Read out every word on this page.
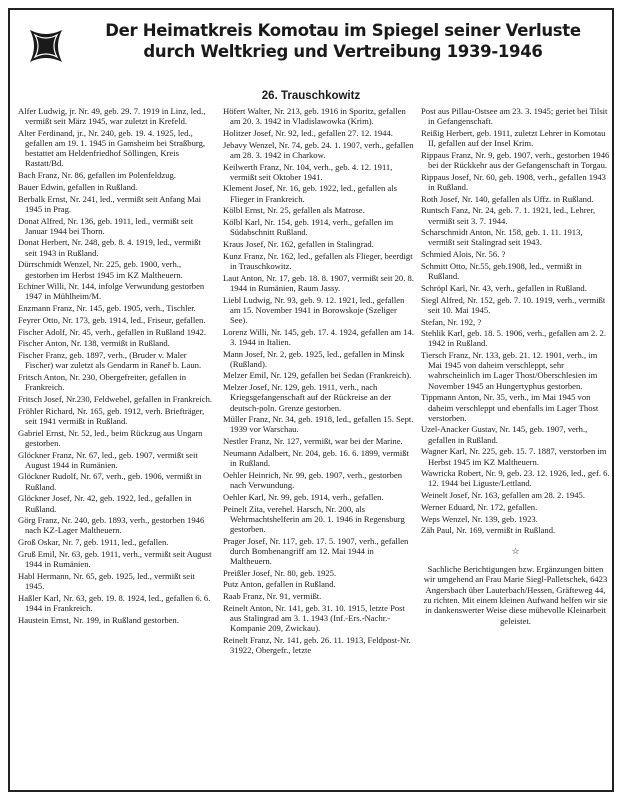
Der Heimatkreis Komotau im Spiegel seiner Verluste
durch Weltkrieg und Vertreibung 1939-1946
26. Trauschkowitz
Alfer Ludwig, jr. Nr. 49, geb. 29. 7. 1919 in Linz, led., vermißt seit März 1945, war zuletzt in Krefeld.
Alter Ferdinand, jr., Nr. 240, geb. 19. 4. 1925, led., gefallen am 19. 1. 1945 in Gamsheim bei Straßburg, bestattet am Heldenfriedhof Söllingen, Kreis Rastatt/Bd.
Bach Franz, Nr. 86, gefallen im Polenfeldzug.
Bauer Edwin, gefallen in Rußland.
Berbalk Ernst, Nr. 241, led., vermißt seit Anfang Mai 1945 in Prag.
Donat Alfred, Nr. 136, geb. 1911, led., vermißt seit Januar 1944 bei Thorn.
Donat Herbert, Nr. 248, geb. 8. 4. 1919, led., vermißt seit 1943 in Rußland.
Dürrschmidt Wenzel, Nr. 225, geb. 1900, verh., gestorben im Herbst 1945 im KZ Maltheuern.
Echtner Willi, Nr. 144, infolge Verwundung gestorben 1947 in Mühlheim/M.
Enzmann Franz, Nr. 145, geb. 1905, verh., Tischler.
Feyrer Otto, Nr. 173, geb. 1914, led., Friseur, gefallen.
Fischer Adolf, Nr. 45, verh., gefallen in Rußland 1942.
Fischer Anton, Nr. 138, vermißt in Rußland.
Fischer Franz, geb. 1897, verh., (Bruder v. Maler Fischer) war zuletzt als Gendarm in Raneř b. Laun.
Fritsch Anton, Nr. 230, Obergefreiter, gefallen in Frankreich.
Fritsch Josef, Nr.230, Feldwebel, gefallen in Frankreich.
Fröhler Richard, Nr. 165, geb. 1912, verh. Briefträger, seit 1941 vermißt in Rußland.
Gabriel Ernst, Nr. 52, led., beim Rückzug aus Ungarn gestorben.
Glöckner Franz, Nr. 67, led., geb. 1907, vermißt seit August 1944 in Rumänien.
Glöckner Rudolf, Nr. 67, verh., geb. 1906, vermißt in Rußland.
Glöckner Josef, Nr. 42, geb. 1922, led., gefallen in Rußland.
Görg Franz, Nr. 240, geb. 1893, verh., gestorben 1946 nach KZ-Lager Maltheuern.
Groß Oskar, Nr. 7, geb. 1911, led., gefallen.
Gruß Emil, Nr. 63, geb. 1911, verh., vermißt seit August 1944 in Rumänien.
Habl Hermann, Nr. 65, geb. 1925, led., vermißt seit 1945.
Haßler Karl, Nr. 63, geb. 19. 8. 1924, led., gefallen 6. 6. 1944 in Frankreich.
Haustein Ernst, Nr. 199, in Rußland gestorben.
Höfert Walter, Nr. 213, geb. 1916 in Sporitz, gefallen am 20. 3. 1942 in Vladislawowka (Krim).
Holitzer Josef, Nr. 92, led., gefallen 27. 12. 1944.
Jebavy Wenzel, Nr. 74, geb. 24. 1. 1907, verh., gefallen am 28. 3. 1942 in Charkow.
Keilwerth Franz, Nr. 104, verh., geb. 4. 12. 1911, vermißt seit Oktober 1941.
Klement Josef, Nr. 16, geb. 1922, led., gefallen als Flieger in Frankreich.
Kölbl Ernst, Nr. 25, gefallen als Matrose.
Kölbl Karl, Nr. 154, geb. 1914, verh., gefallen im Südabschnitt Rußland.
Kraus Josef, Nr. 162, gefallen in Stalingrad.
Kunz Franz, Nr. 162, led., gefallen als Flieger, beerdigt in Trauschkowitz.
Laut Anton, Nr. 17, geb. 18. 8. 1907, vermißt seit 20. 8. 1944 in Rumänien, Raum Jassy.
Liebl Ludwig, Nr. 93, geb. 9. 12. 1921, led., gefallen am 15. November 1941 in Borowskoje (Szeliger See).
Lorenz Willi, Nr. 145, geb. 17. 4. 1924, gefallen am 14. 3. 1944 in Italien.
Mann Josef, Nr. 2, geb. 1925, led., gefallen in Minsk (Rußland).
Melzer Emil, Nr. 129, gefallen bei Sedan (Frankreich).
Melzer Josef, Nr. 129, geb. 1911, verh., nach Kriegsgefangenschaft auf der Rückreise an der deutsch-poln. Grenze gestorben.
Müller Franz, Nr. 34, geb. 1918, led., gefallen 15. Sept. 1939 vor Warschau.
Nestler Franz, Nr. 127, vermißt, war bei der Marine.
Neumann Adalbert, Nr. 204, geb. 16. 6. 1899, vermißt in Rußland.
Oehler Heinrich, Nr. 99, geb. 1907, verh., gestorben nach Verwundung.
Oehler Karl, Nr. 99, geb. 1914, verh., gefallen.
Peinelt Zita, verehel. Harsch, Nr. 200, als Wehrmachtshelferin am 20. 1. 1946 in Regensburg gestorben.
Prager Josef, Nr. 117, geb. 17. 5. 1907, verh., gefallen durch Bombenangriff am 12. Mai 1944 in Maltheuern.
Preißler Josef, Nr. 80, geb. 1925.
Putz Anton, gefallen in Rußland.
Raab Franz, Nr. 91, vermißt.
Reinelt Anton, Nr. 141, geb. 31. 10. 1915, letzte Post aus Stalingrad am 3. 1. 1943 (Inf.-Ers.-Nachr.-Kompanie 209, Zwickau).
Reinelt Franz, Nr. 141, geb. 26. 11. 1913, Feldpost-Nr. 31922, Obergefr., letzte
Post aus Pillau-Ostsee am 23. 3. 1945; geriet bei Tilsit in Gefangenschaft.
Reißig Herbert, geb. 1911, zuletzt Lehrer in Komotau II, gefallen auf der Insel Krim.
Rippaus Franz, Nr. 9, geb. 1907, verh., gestorben 1946 bei der Rückkehr aus der Gefangenschaft in Torgau.
Rippaus Josef, Nr. 60, geb. 1908, verh., gefallen 1943 in Rußland.
Roth Josef, Nr. 140, gefallen als Uffz. in Rußland.
Runtsch Fanz, Nr. 24, geb. 7. 1. 1921, led., Lehrer, vermißt seit 3. 7. 1944.
Scharschmidt Anton, Nr. 158, geb. 1. 11. 1913, vermißt seit Stalingrad seit 1943.
Schmied Alois, Nr. 56. ?
Schmitt Otto, Nr.55, geb.1908, led., vermißt in Rußland.
Schröpl Karl, Nr. 43, verh., gefallen in Rußland.
Siegl Alfred, Nr. 152, geb. 7. 10. 1919, verh., vermißt seit 10. Mai 1945.
Stefan, Nr. 192, ?
Stehlik Karl, geb. 18. 5. 1906, verh., gefallen am 2. 2. 1942 in Rußland.
Tiersch Franz, Nr. 133, geb. 21. 12. 1901, verh., im Mai 1945 von daheim verschleppt, sehr wahrscheinlich im Lager Thost/Oberschlesien im November 1945 an Hungertyphus gestorben.
Tippmann Anton, Nr. 35, verh., im Mai 1945 von daheim verschleppt und ebenfalls im Lager Thost verstorben.
Uzel-Anacker Gustav, Nr. 145, geb. 1907, verh., gefallen in Rußland.
Wagner Karl, Nr. 225, geb. 15. 7. 1887, verstorben im Herbst 1945 im KZ Maltheuern.
Wawricka Robert, Nr. 9, geb. 23. 12. 1926, led., gef. 6. 12. 1944 bei Liguste/Lettland.
Weinelt Josef, Nr. 163, gefallen am 28. 2. 1945.
Werner Eduard, Nr. 172, gefallen.
Weps Wenzel, Nr. 139, geb. 1923.
Zäh Paul, Nr. 169, vermißt in Rußland.
☆

Sachliche Berichtigungen bzw. Ergänzungen bitten wir umgehend an Frau Marie Siegl-Palletschek, 6423 Angersbach über Lauterbach/Hessen, Gräfteweg 44, zu richten. Mit einem kleinen Aufwand helfen wir sie in dankenswerter Weise diese mühevolle Kleinarbeit geleistet.
